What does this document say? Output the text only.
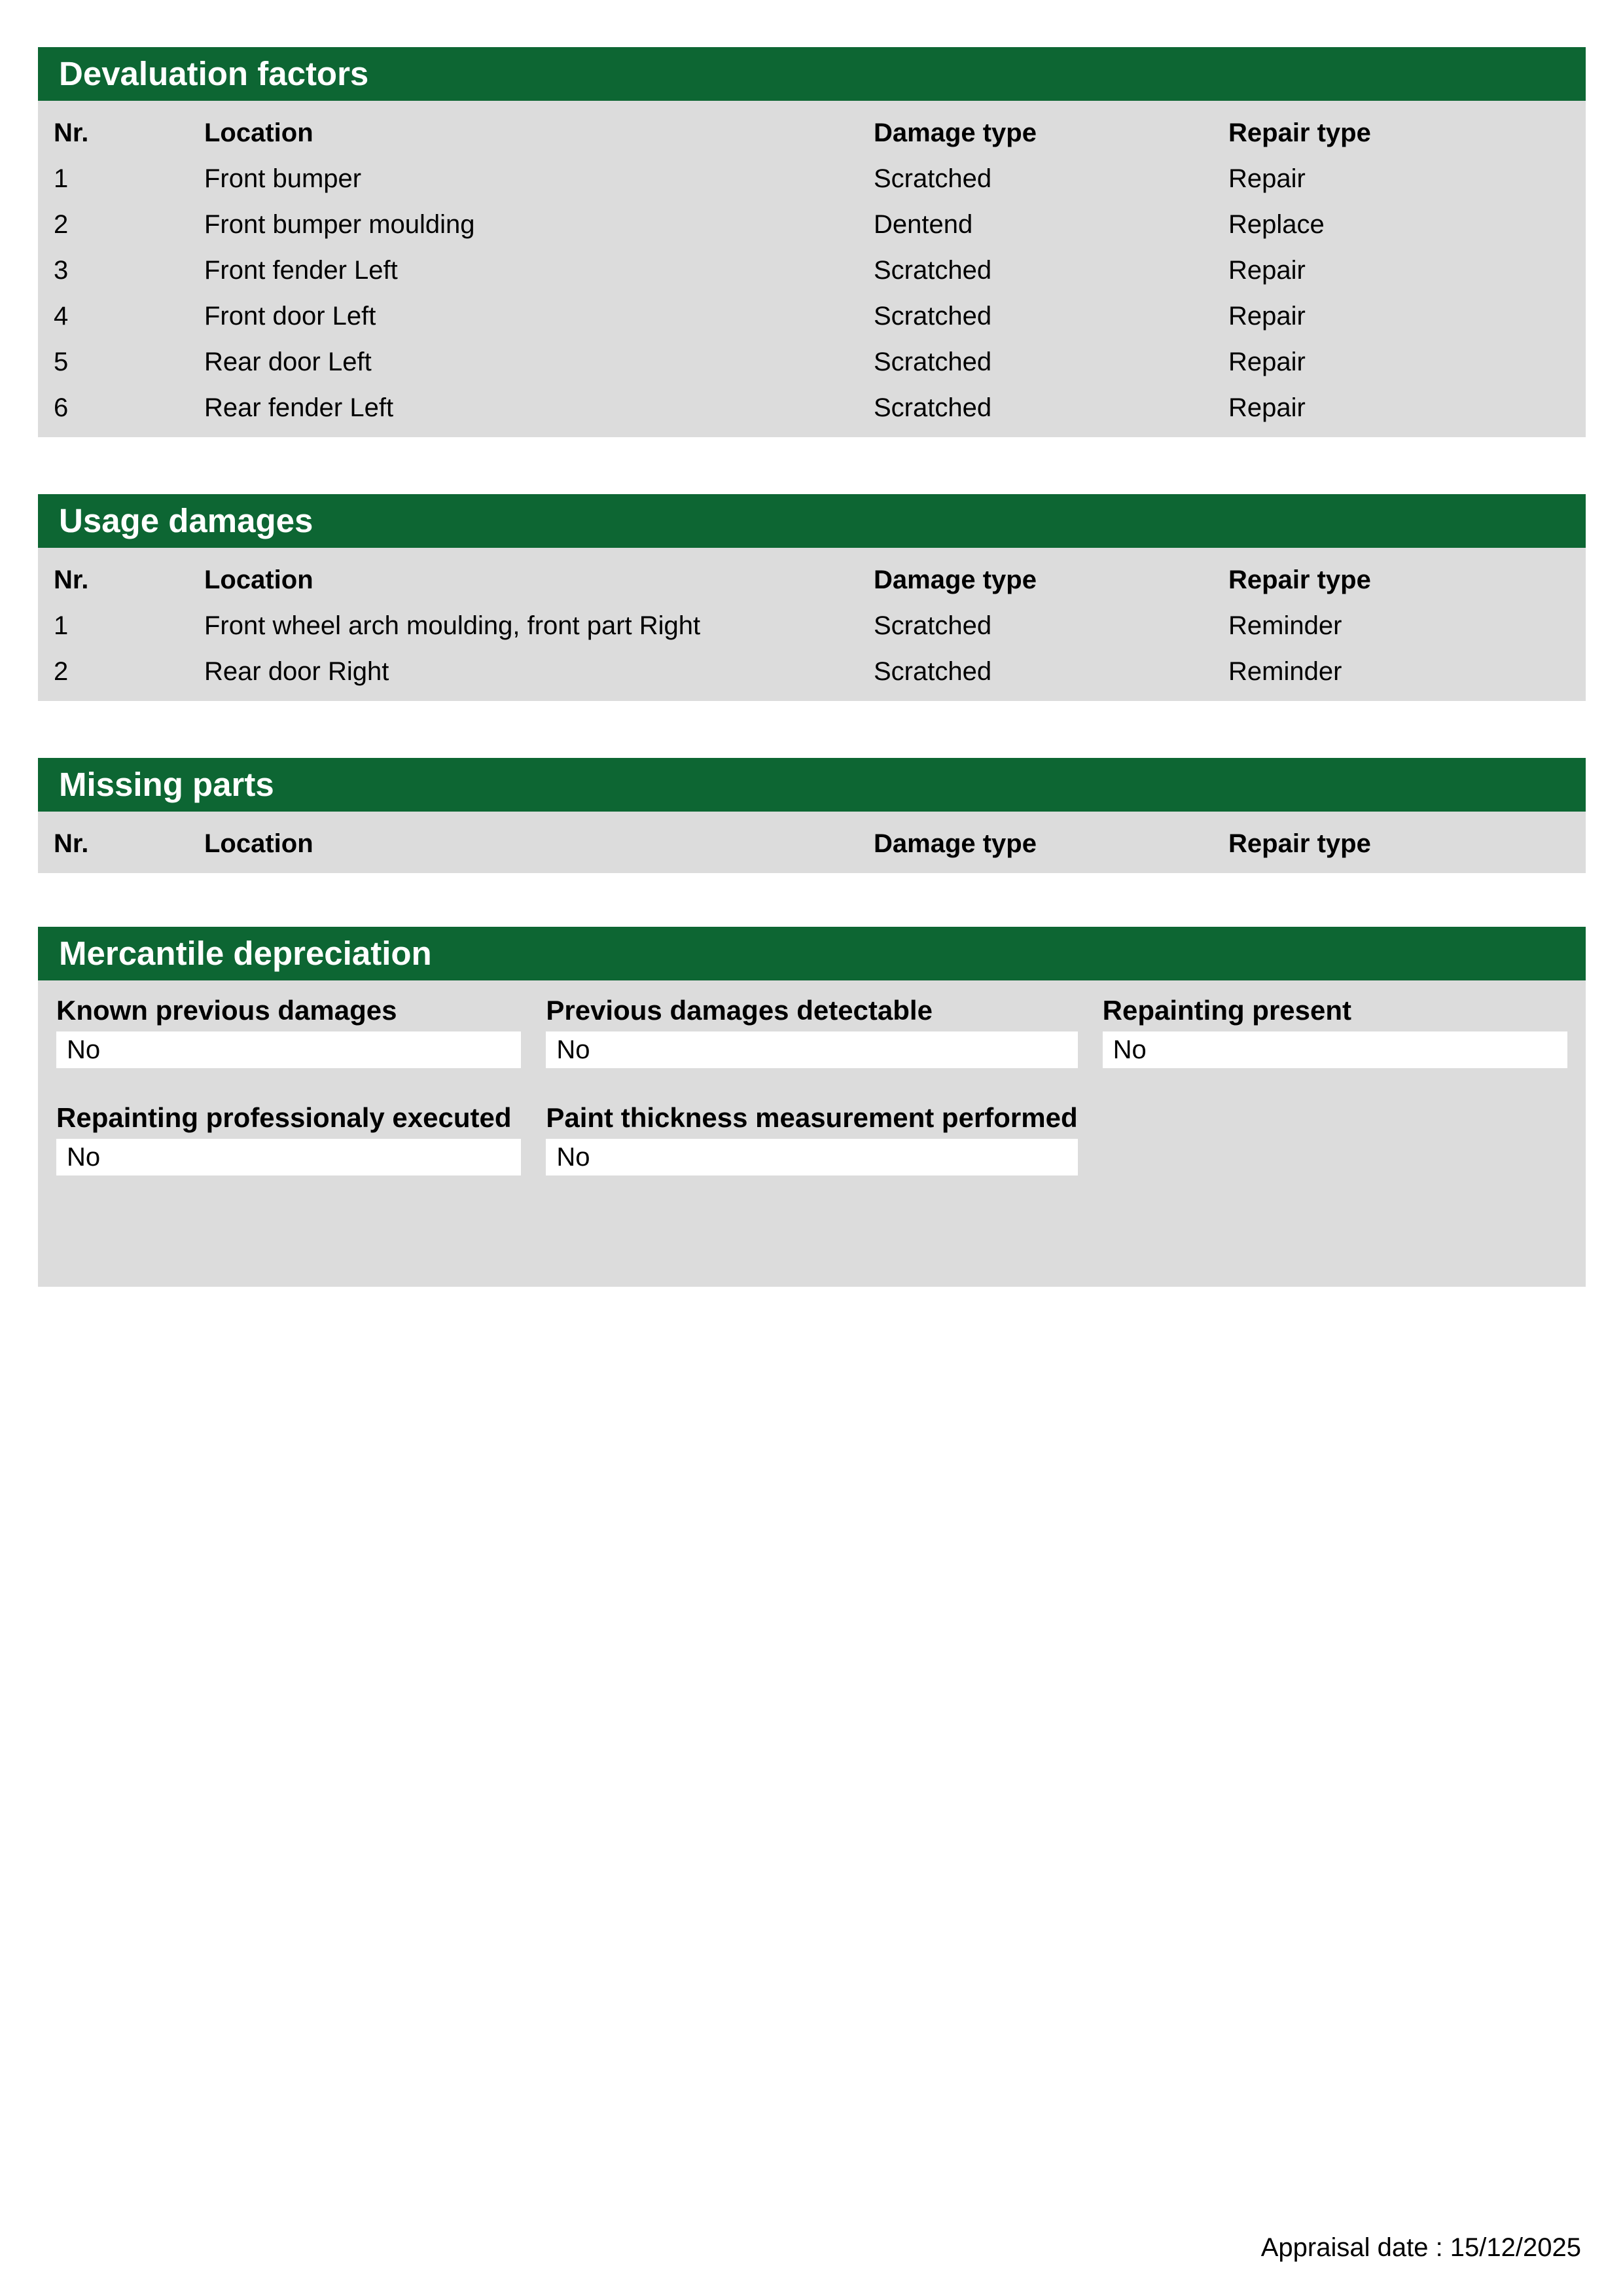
Devaluation factors
Nr.	Location	Damage type	Repair type
1	Front bumper	Scratched	Repair
2	Front bumper moulding	Dentend	Replace
3	Front fender Left	Scratched	Repair
4	Front door Left	Scratched	Repair
5	Rear door Left	Scratched	Repair
6	Rear fender Left	Scratched	Repair
Usage damages
Nr.	Location	Damage type	Repair type
1	Front wheel arch moulding, front part Right	Scratched	Reminder
2	Rear door Right	Scratched	Reminder
Missing parts
Nr.	Location	Damage type	Repair type
Mercantile depreciation
Known previous damages
No
Previous damages detectable
No
Repainting present
No
Repainting professionaly executed
No
Paint thickness measurement performed
No
Appraisal date : 15/12/2025
